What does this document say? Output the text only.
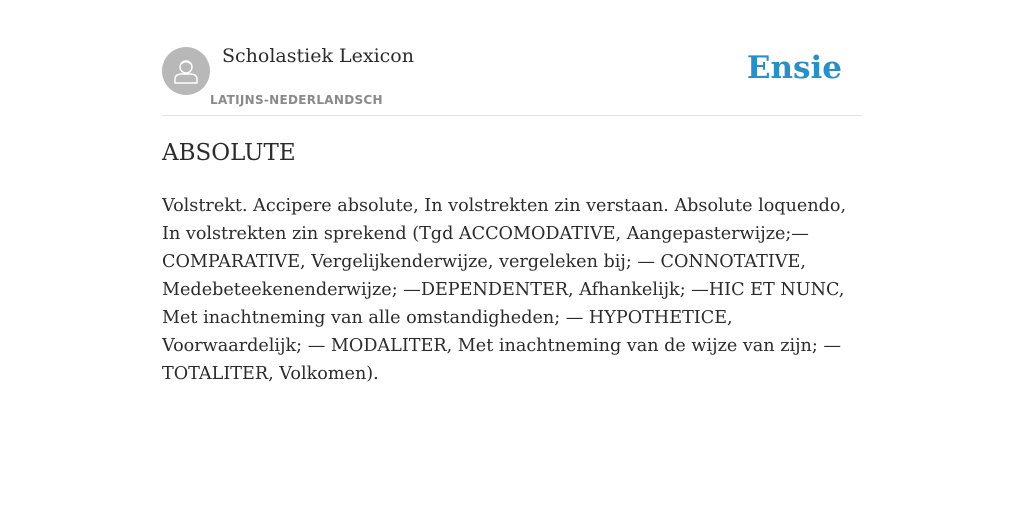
Scholastiek Lexicon
LATIJNS-NEDERLANDSCH
Ensie
ABSOLUTE

Volstrekt. Accipere absolute, In volstrekten zin verstaan. Absolute loquendo, In volstrekten zin sprekend (Tgd ACCOMODATIVE, Aangepasterwijze;— COMPARATIVE, Vergelijkenderwijze, vergeleken bij; — CONNOTATIVE, Medebeteekenenderwijze; —DEPENDENTER, Afhankelijk; —HIC ET NUNC, Met inachtneming van alle omstandigheden; — HYPOTHETICE, Voorwaardelijk; — MODALITER, Met inachtneming van de wijze van zijn; — TOTALITER, Volkomen).
